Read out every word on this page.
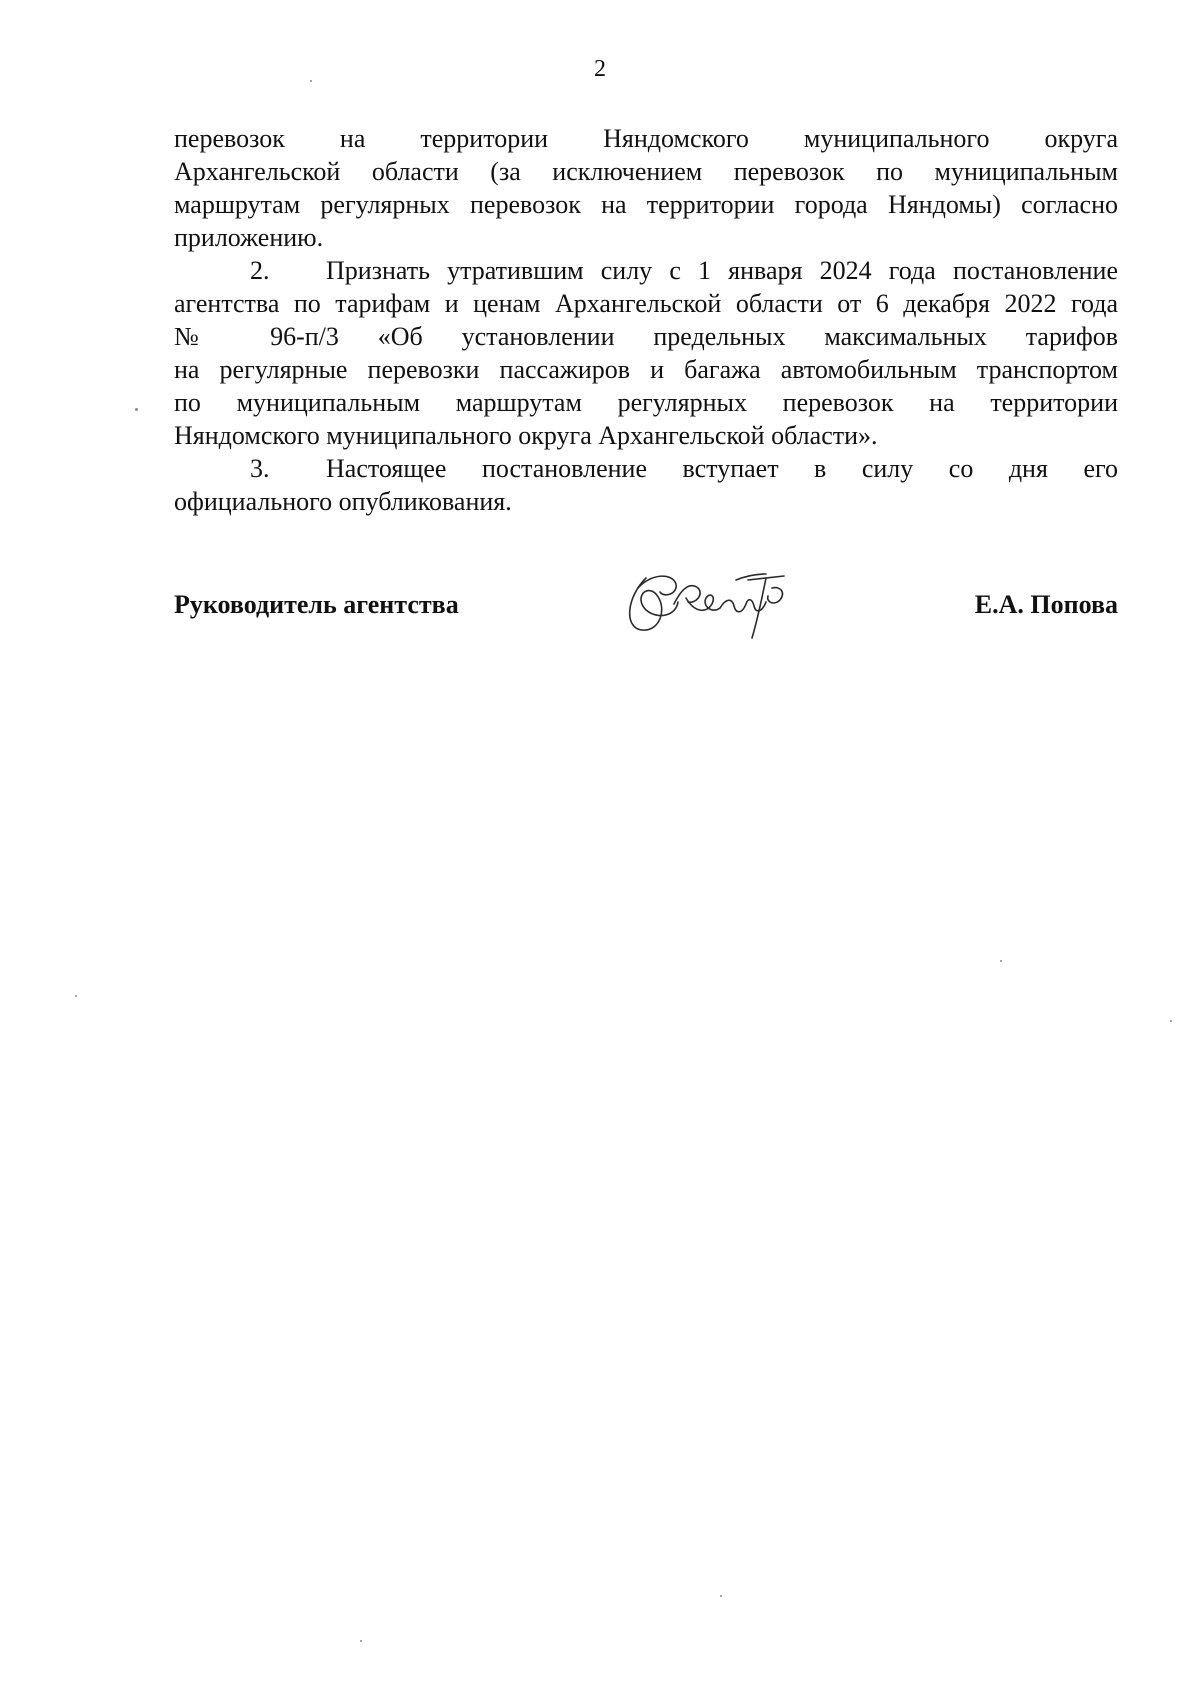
2
перевозок на территории Няндомского муниципального округа
Архангельской области (за исключением перевозок по муниципальным
маршрутам регулярных перевозок на территории города Няндомы) согласно
приложению.
2. Признать утратившим силу с 1 января 2024 года постановление
агентства по тарифам и ценам Архангельской области от 6 декабря 2022 года
№ 96-п/3 «Об установлении предельных максимальных тарифов
на регулярные перевозки пассажиров и багажа автомобильным транспортом
по муниципальным маршрутам регулярных перевозок на территории
Няндомского муниципального округа Архангельской области».
3. Настоящее постановление вступает в силу со дня его
официального опубликования.
Руководитель агентства	Е.А. Попова
